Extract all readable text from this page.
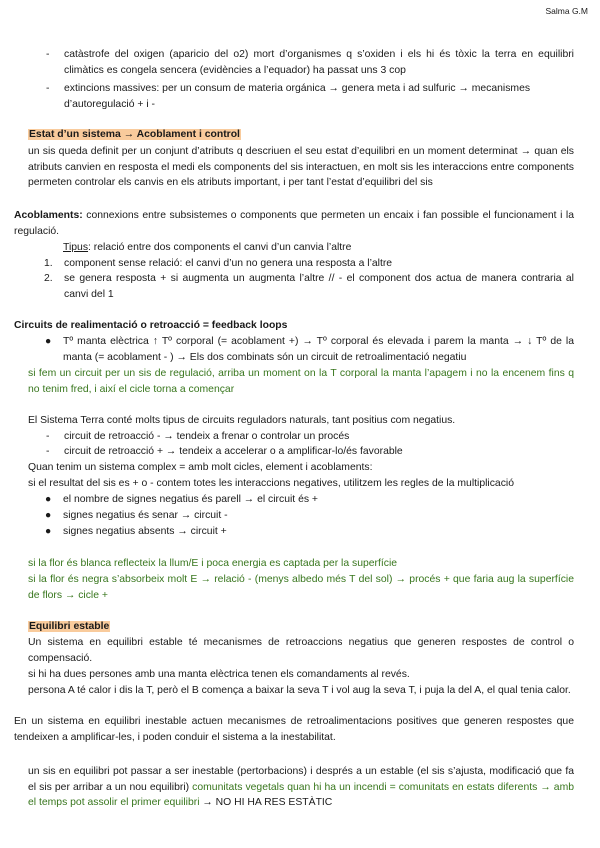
Salma G.M
- catàstrofe del oxigen (aparicio del o2) mort d’organismes q s’oxiden i els hi és tòxic la terra en equilibri climàtics es congela sencera (evidències a l’equador) ha passat uns 3 cop
- extincions massives: per un consum de materia orgánica → genera meta i ad sulfuric → mecanismes d’autoregulació + i -
Estat d’un sistema → Acoblament i control
un sis queda definit per un conjunt d’atributs q descriuen el seu estat d’equilibri en un moment determinat → quan els atributs canvien en resposta el medi els components del sis interactuen, en molt sis les interaccions entre components permeten controlar els canvis en els atributs important, i per tant l’estat d’equilibri del sis
Acoblaments: connexions entre subsistemes o components que permeten un encaix i fan possible el funcionament i la regulació.
Tipus: relació entre dos components el canvi d’un canvia l’altre
1. component sense relació: el canvi d’un no genera una resposta a l’altre
2. se genera resposta + si augmenta un augmenta l’altre // - el component dos actua de manera contraria al canvi del 1
Circuits de realimentació o retroacció = feedback loops
● Tº manta elèctrica ↑ Tº corporal (= acoblament +) → Tº corporal és elevada i parem la manta → ↓ Tº de la manta (= acoblament - ) → Els dos combinats són un circuit de retroalimentació negatiu
si fem un circuit per un sis de regulació, arriba un moment on la T corporal la manta l’apagem i no la encenem fins q no tenim fred, i així el cicle torna a començar
El Sistema Terra conté molts tipus de circuits reguladors naturals, tant positius com negatius.
- circuit de retroacció - → tendeix a frenar o controlar un procés
- circuit de retroacció + → tendeix a accelerar o a amplificar-lo/és favorable
Quan tenim un sistema complex = amb molt cicles, element i acoblaments:
si el resultat del sis es + o - contem totes les interaccions negatives, utilitzem les regles de la multiplicació
● el nombre de signes negatius és parell → el circuit és +
● signes negatius és senar → circuit -
● signes negatius absents → circuit +
si la flor és blanca reflecteix la llum/E i poca energia es captada per la superfície
si la flor és negra s’absorbeix molt E → relació - (menys albedo més T del sol) → procés + que faria aug la superfície de flors → cicle +
Equilibri estable
Un sistema en equilibri estable té mecanismes de retroaccions negatius que generen respostes de control o compensació.
si hi ha dues persones amb una manta elèctrica tenen els comandaments al revés.
persona A té calor i dis la T, però el B comença a baixar la seva T i vol aug la seva T, i puja la del A, el qual tenia calor.
En un sistema en equilibri inestable actuen mecanismes de retroalimentacions positives que generen respostes que tendeixen a amplificar-les, i poden conduir el sistema a la inestabilitat.
un sis en equilibri pot passar a ser inestable (pertorbacions) i després a un estable (el sis s’ajusta, modificació que fa el sis per arribar a un nou equilibri) comunitats vegetals quan hi ha un incendi = comunitats en estats diferents → amb el temps pot assolir el primer equilibri → NO HI HA RES ESTÀTIC
